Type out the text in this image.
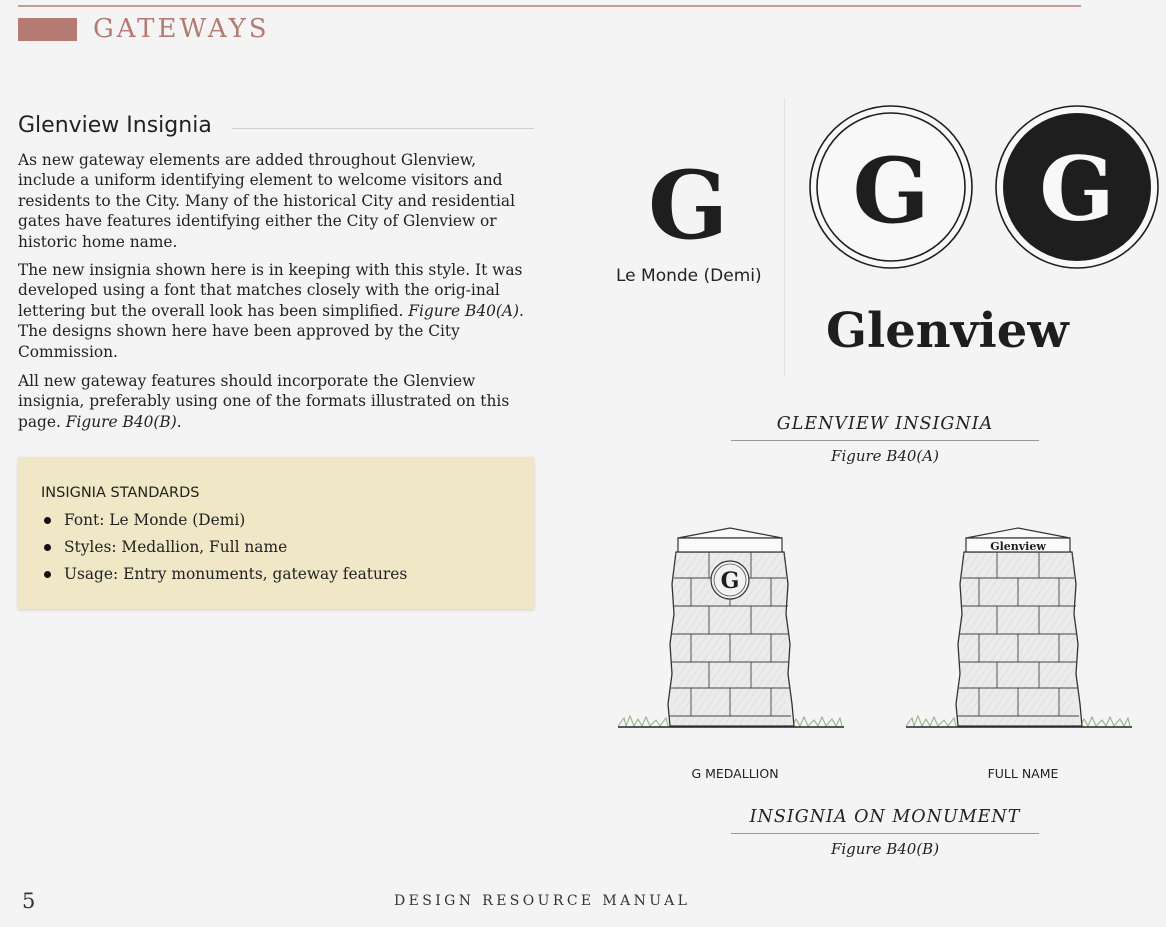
GATEWAYS
Glenview Insignia

As new gateway elements are added throughout Glenview, include a uniform identifying element to welcome visitors and residents to the City. Many of the historical City and residential gates have features identifying either the City of Glenview or historic home name.

The new insignia shown here is in keeping with this style. It was developed using a font that matches closely with the orig-inal lettering but the overall look has been simplified. Figure B40(A). The designs shown here have been approved by the City Commission.

All new gateway features should incorporate the Glenview insignia, preferably using one of the formats illustrated on this page. Figure B40(B).

INSIGNIA STANDARDS
Font: Le Monde (Demi)
Styles: Medallion, Full name
Usage: Entry monuments, gateway features
G
Le Monde (Demi)
G G
Glenview
GLENVIEW INSIGNIA
Figure B40(A)
G
Glenview
G MEDALLION	FULL NAME
INSIGNIA ON MONUMENT
Figure B40(B)
5	DESIGN RESOURCE MANUAL
